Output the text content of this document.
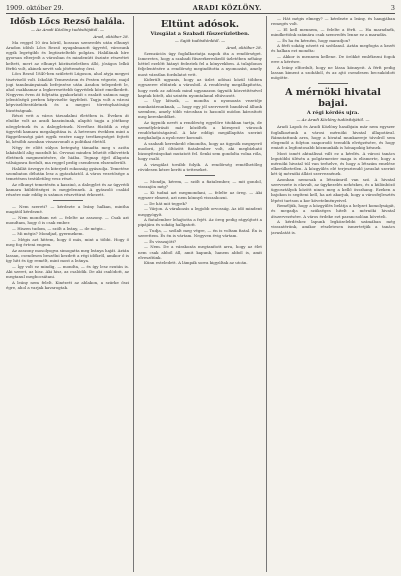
1909. október 29.	ARADI KÖZLÖNY.	3
Idősb Lőcs Rezső halála.
— Az Aradi Közlöny tudósítójától. —
Arad, október 28.

Ma reggel 10 óra körül, hosszas szenvedés után elhunyt Aradon idősb Lőcs Rezső nyugalmazott ügyvéd, városunk egyik legrégibb és legtiszteltebb polgára. Halálának híre gyorsan elterjedt a városban és mindenütt őszinte részvétet keltett, mert az elhunyt köztiszteletben álló, jóságos lelkű férfiú volt, akinek nevét sok jótétemény őrzi.

Lőcs Rezső 1840-ben született Lúgoson, ahol atyja megyei tisztviselő volt. Iskoláit Temesváron és Pesten végezte, majd jogi tanulmányainak befejezése után Aradon telepedett le, ahol csakhamar a legkeresettebb ügyvédek közé emelkedett. Negyven éven át folytatta gyakorlatát s ezalatt számos nagy jelentőségű perben képviselte ügyfeleit. Tagja volt a városi képviselőtestületnek és a megyei törvényhatósági bizottságnak.

Részt vett a város társadalmi életében is. Éveken át elnöke volt az aradi kaszinónak, alapító tagja a jótékony nőegyletnek és a dalegyletnek. Nevéhez fűződik a régi ügyvédi kamara megalapítása is. A hetvenes években mint a függetlenségi párt egyik vezére nagy tevékenységet fejtett ki, később azonban visszavonult a politikai élettől.

Négy év előtt súlyos betegség támadta meg s azóta lakásából alig mozdult ki. Orvosai minden lehetőt elkövettek életének megmentésére, de hiába. Tegnap éjjel állapota válságosra fordult, ma reggel pedig csendesen elszenderült.

Halálát özvegye és kiterjedt rokonság gyászolja. Temetése szombaton délután lesz a gyászháztól. A város vezetősége a temetésen testületileg vesz részt.

Az elhunyt temetésén a kaszinó, a dalegylet és az ügyvédi kamara küldöttségei is megjelennek. A gyászoló család részére már eddig is számos részvétirat érkezett.

— Nem szereti? — kérdezte a leány halkan, mintha magától kérdezné.

— Nem mondtam ezt — felelte az asszony. — Csak azt mondtam, hogy ő is csak ember.

— Hiszen tudom, — szólt a leány, — de mégis…

— Mi mégis? Mondjad, gyermekem.

— Mégis azt hittem, hogy ő más, mint a többi. Hogy ő meg fog érteni engem.

Az asszony mosolyogva simogatta meg leánya haját. Aztán lassan, csendesen beszélni kezdett a régi időkről, amikor ő is így hitt és így remélt, mint most a leánya.

— Így volt ez mindig, — mondta, — és így lesz ezután is. Aki szeret, az hisz. Aki hisz, az csalódik. De aki csalódott, az megtanul megbocsátani.

A leány nem felelt. Kinézett az ablakon, a szürke őszi égre, ahol a varjak kavarogtak.

Eltünt adósok.
Vizsgálat a Szabadi fűszerüzletben.
— Saját tudósítónktól. —
Arad, október 28.

Szenzációs ügy foglalkoztatja napok óta a rendőrséget. Ismeretes, hogy a szabadi fűszerkereskedő üzletében néhány héttel ezelőtt hiányt fedeztek fel a könyvekben. A tulajdonos feljelentésére a rendőrség megindította a nyomozást, amely most váratlan fordulatot vett.

Kiderült ugyanis, hogy az üzlet adósai közül többen egyszerre eltűntek a városból. A rendőrség megállapította, hogy ezek az adósok mind ugyanazon ügynök közvetítésével kaptak hitelt, aki szintén nyomtalanul eltávozott.

— Úgy látszik, — mondta a nyomozás vezetője munkatársunknak, — hogy egy jól szervezett bandával állunk szemben, amely több városban is hasonló módon károsított meg kereskedőket.

Az ügynök nevét a rendőrség egyelőre titokban tartja, de személyleírását már közölték a környező városok rendőrhatóságaival. A kár eddigi megállapítás szerint meghaladja a nyolcezer koronát.

A szabadi kereskedő elmondta, hogy az ügynök megnyerő modorú, jól öltözött fiatalember volt, aki megbízható bizonyítványokat mutatott fel. Senki sem gondolta volna róla, hogy csaló.

A vizsgálat tovább folyik. A rendőrség remélhetőleg rövidesen kézre keríti a tetteseket.

— Mondja, kérem, — szólt a fiatalember, — mit gondol, visszajön még?

— Ki tudná azt megmondani, — felelte az öreg. — Aki egyszer elment, azt nem könnyű visszahozni.

— De hát mit tegyek?

— Várjon. A várakozás a legjobb orvosság. Az idő mindent meggyógyít.

A fiatalember lehajtotta a fejét. Az öreg pedig rágyújtott a pipájára és sokáig hallgatott.

— Tudja, — szólalt meg végre, — én is voltam fiatal. Én is szerettem. És én is vártam. Negyven évig vártam.

— És visszajött?

— Nem. De a várakozás megtanított arra, hogy az élet nem csak abból áll, amit kapunk, hanem abból is, amit elveszítünk.

Künn esteledett. A lámpák sorra kigyúltak az utcán.

— Hát mégis elmegy? — kérdezte a leány, és hangjában remegés volt.

— El kell mennem, — felelte a férfi. — Ha maradnék, mindkettőnk számára csak szenvedés lenne ez a maradás.

— És ha én kérném, hogy maradjon?

A férfi sokáig nézett rá szótlanul. Aztán megfogta a kezét és halkan ezt mondta:

— Akkor is mennem kellene. De örökké emlékezni fogok erre a kérésre.

A leány elfordult, hogy ne lássa könnyeit. A férfi pedig lassan kiment a szobából, és az ajtó csendesen becsukódott mögötte.

A mérnöki hivatal bajai.
A régi kérdés ujra.
— Az Aradi Közlöny tudósítójától. —

Aradi Lapok és Aradi Közlöny hasábjain már nem egyszer foglalkoztunk a városi mérnöki hivatal állapotával. Rámutattunk arra, hogy a hivatal munkaereje távolról sem elegendő a folyton szaporodó teendők elvégzésére, és hogy emiatt a legfontosabb közmunkák is hónapokig késnek.

Most ismét aktuálissá vált ez a kérdés. A városi tanács legutóbbi ülésén a polgármester maga is elismerte, hogy a mérnöki hivatal túl van terhelve, és hogy a létszám emelése elkerülhetetlen. A közgyűlés elé terjesztendő javaslat szerint két új mérnöki állást szerveznének.

Azonban nemcsak a létszámról van szó. A hivatal szervezete is elavult, az ügykezelés nehézkes, és a különböző ügyosztályok között nincs meg a kellő összhang. Ezeken a bajokon is segíteni kell, ha azt akarjuk, hogy a városfejlesztés lépést tartson a kor követelményeivel.

Reméljük, hogy a közgyűlés belátja a helyzet komolyságát, és megadja a szükséges hitelt a mérnöki hivatal átszervezésére. A város érdeke ezt parancsolóan követeli.

A kérdéshez lapunk legközelebbi számában még visszatérünk, amikor részletesen ismertetjük a tanács javaslatát is.
